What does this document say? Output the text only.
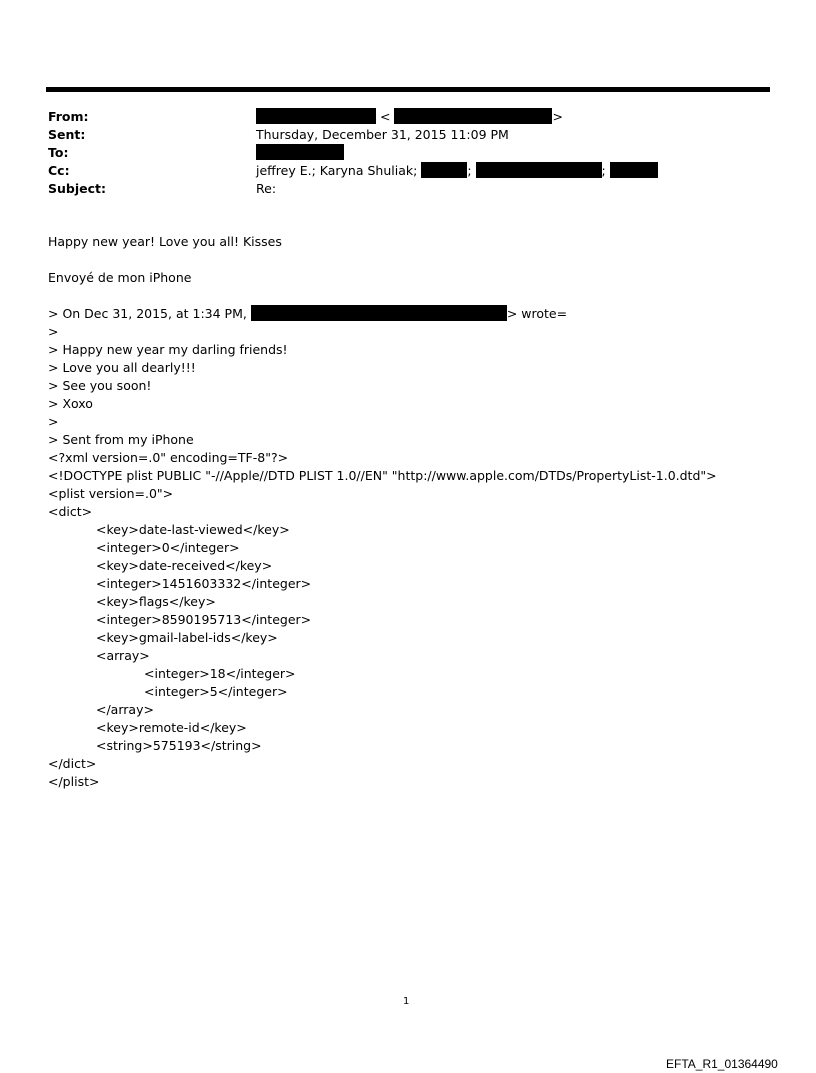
From:	<	>
Sent:	Thursday, December 31, 2015 11:09 PM
To:
Cc:	jeffrey E.; Karyna Shuliak;	;	;
Subject:	Re:
Happy new year! Love you all! Kisses
Envoyé de mon iPhone
> On Dec 31, 2015, at 1:34 PM,	> wrote=
>
> Happy new year my darling friends!
> Love you all dearly!!!
> See you soon!
> Xoxo
>
> Sent from my iPhone
<?xml version=.0" encoding=TF-8"?>
<!DOCTYPE plist PUBLIC "-//Apple//DTD PLIST 1.0//EN" "http://www.apple.com/DTDs/PropertyList-1.0.dtd">
<plist version=.0">
<dict>
<key>date-last-viewed</key>
<integer>0</integer>
<key>date-received</key>
<integer>1451603332</integer>
<key>flags</key>
<integer>8590195713</integer>
<key>gmail-label-ids</key>
<array>
<integer>18</integer>
<integer>5</integer>
</array>
<key>remote-id</key>
<string>575193</string>
</dict>
</plist>
1
EFTA_R1_01364490
